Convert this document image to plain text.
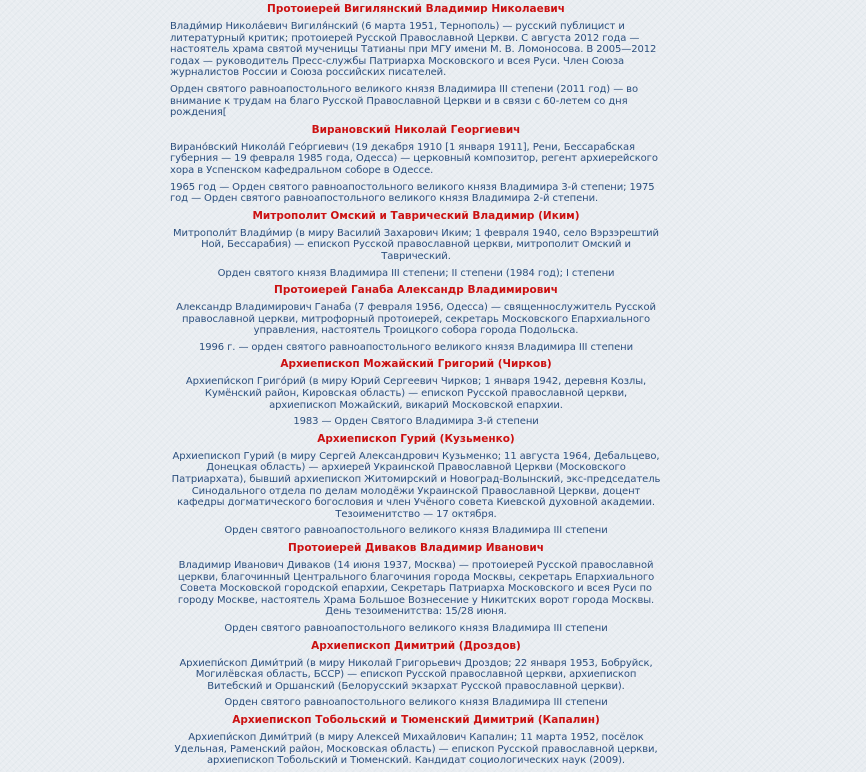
Протоиерей Вигилянский Владимир Николаевич

Влади́мир Никола́евич Вигиля́нский (6 марта 1951, Тернополь) — русский публицист и литературный критик; протоиерей Русской Православной Церкви. С августа 2012 года — настоятель храма святой мученицы Татианы при МГУ имени М. В. Ломоносова. В 2005—2012 годах — руководитель Пресс-службы Патриарха Московского и всея Руси. Член Союза журналистов России и Союза российских писателей.

Орден святого равноапостольного великого князя Владимира III степени (2011 год) — во внимание к трудам на благо Русской Православной Церкви и в связи с 60-летем со дня рождения[

Вирановский Николай Георгиевич

Вирано́вский Никола́й Гео́ргиевич (19 декабря 1910 [1 января 1911], Рени, Бессарабская губерния — 19 февраля 1985 года, Одесса) — церковный композитор, регент архиерейского хора в Успенском кафедральном соборе в Одессе.

1965 год — Орден святого равноапостольного великого князя Владимира 3-й степени; 1975 год — Орден святого равноапостольного великого князя Владимира 2-й степени.

Митрополит Омский и Таврический Владимир (Иким)

Митрополи́т Влади́мир (в миру Василий Захарович Иким; 1 февраля 1940, село Вэрзэрештий Ной, Бессарабия) — епископ Русской православной церкви, митрополит Омский и Таврический.

Орден святого князя Владимира III степени; II степени (1984 год); I степени

Протоиерей Ганаба Александр Владимирович

Александр Владимирович Ганаба (7 февраля 1956, Одесса) — священнослужитель Русской православной церкви, митрофорный протоиерей, секретарь Московского Епархиального управления, настоятель Троицкого собора города Подольска.

1996 г. — орден святого равноапостольного великого князя Владимира III степени

Архиепископ Можайский Григорий (Чирков)

Архиепи́скоп Григо́рий (в миру Юрий Сергеевич Чирков; 1 января 1942, деревня Козлы, Кумёнский район, Кировская область) — епископ Русской православной церкви, архиепископ Можайский, викарий Московской епархии.

1983 — Орден Святого Владимира 3-й степени

Архиепископ Гурий (Кузьменко)

Архиепископ Гурий (в миру Сергей Александрович Кузьменко; 11 августа 1964, Дебальцево, Донецкая область) — архиерей Украинской Православной Церкви (Московского Патриархата), бывший архиепископ Житомирский и Новоград-Волынский, экс-председатель Синодального отдела по делам молодёжи Украинской Православной Церкви, доцент кафедры догматического богословия и член Учёного совета Киевской духовной академии. Тезоименитство — 17 октября.

Орден святого равноапостольного великого князя Владимира III степени

Протоиерей Диваков Владимир Иванович

Владимир Иванович Диваков (14 июня 1937, Москва) — протоиерей Русской православной церкви, благочинный Центрального благочиния города Москвы, секретарь Епархиального Совета Московской городской епархии, Секретарь Патриарха Московского и всея Руси по городу Москве, настоятель Храма Большое Вознесение у Никитских ворот города Москвы. День тезоименитства: 15/28 июня.

Орден святого равноапостольного великого князя Владимира III степени

Архиепископ Димитрий (Дроздов)

Архиепи́скоп Дими́трий (в миру Николай Григорьевич Дроздов; 22 января 1953, Бобруйск, Могилёвская область, БССР) — епископ Русской православной церкви, архиепископ Витебский и Оршанский (Белорусский экзархат Русской православной церкви).

Орден святого равноапостольного великого князя Владимира III степени

Архиепископ Тобольский и Тюменский Димитрий (Капалин)

Архиепи́скоп Дими́трий (в миру Алексей Михайлович Капалин; 11 марта 1952, посёлок Удельная, Раменский район, Московская область) — епископ Русской православной церкви, архиепископ Тобольский и Тюменский. Кандидат социологических наук (2009).
